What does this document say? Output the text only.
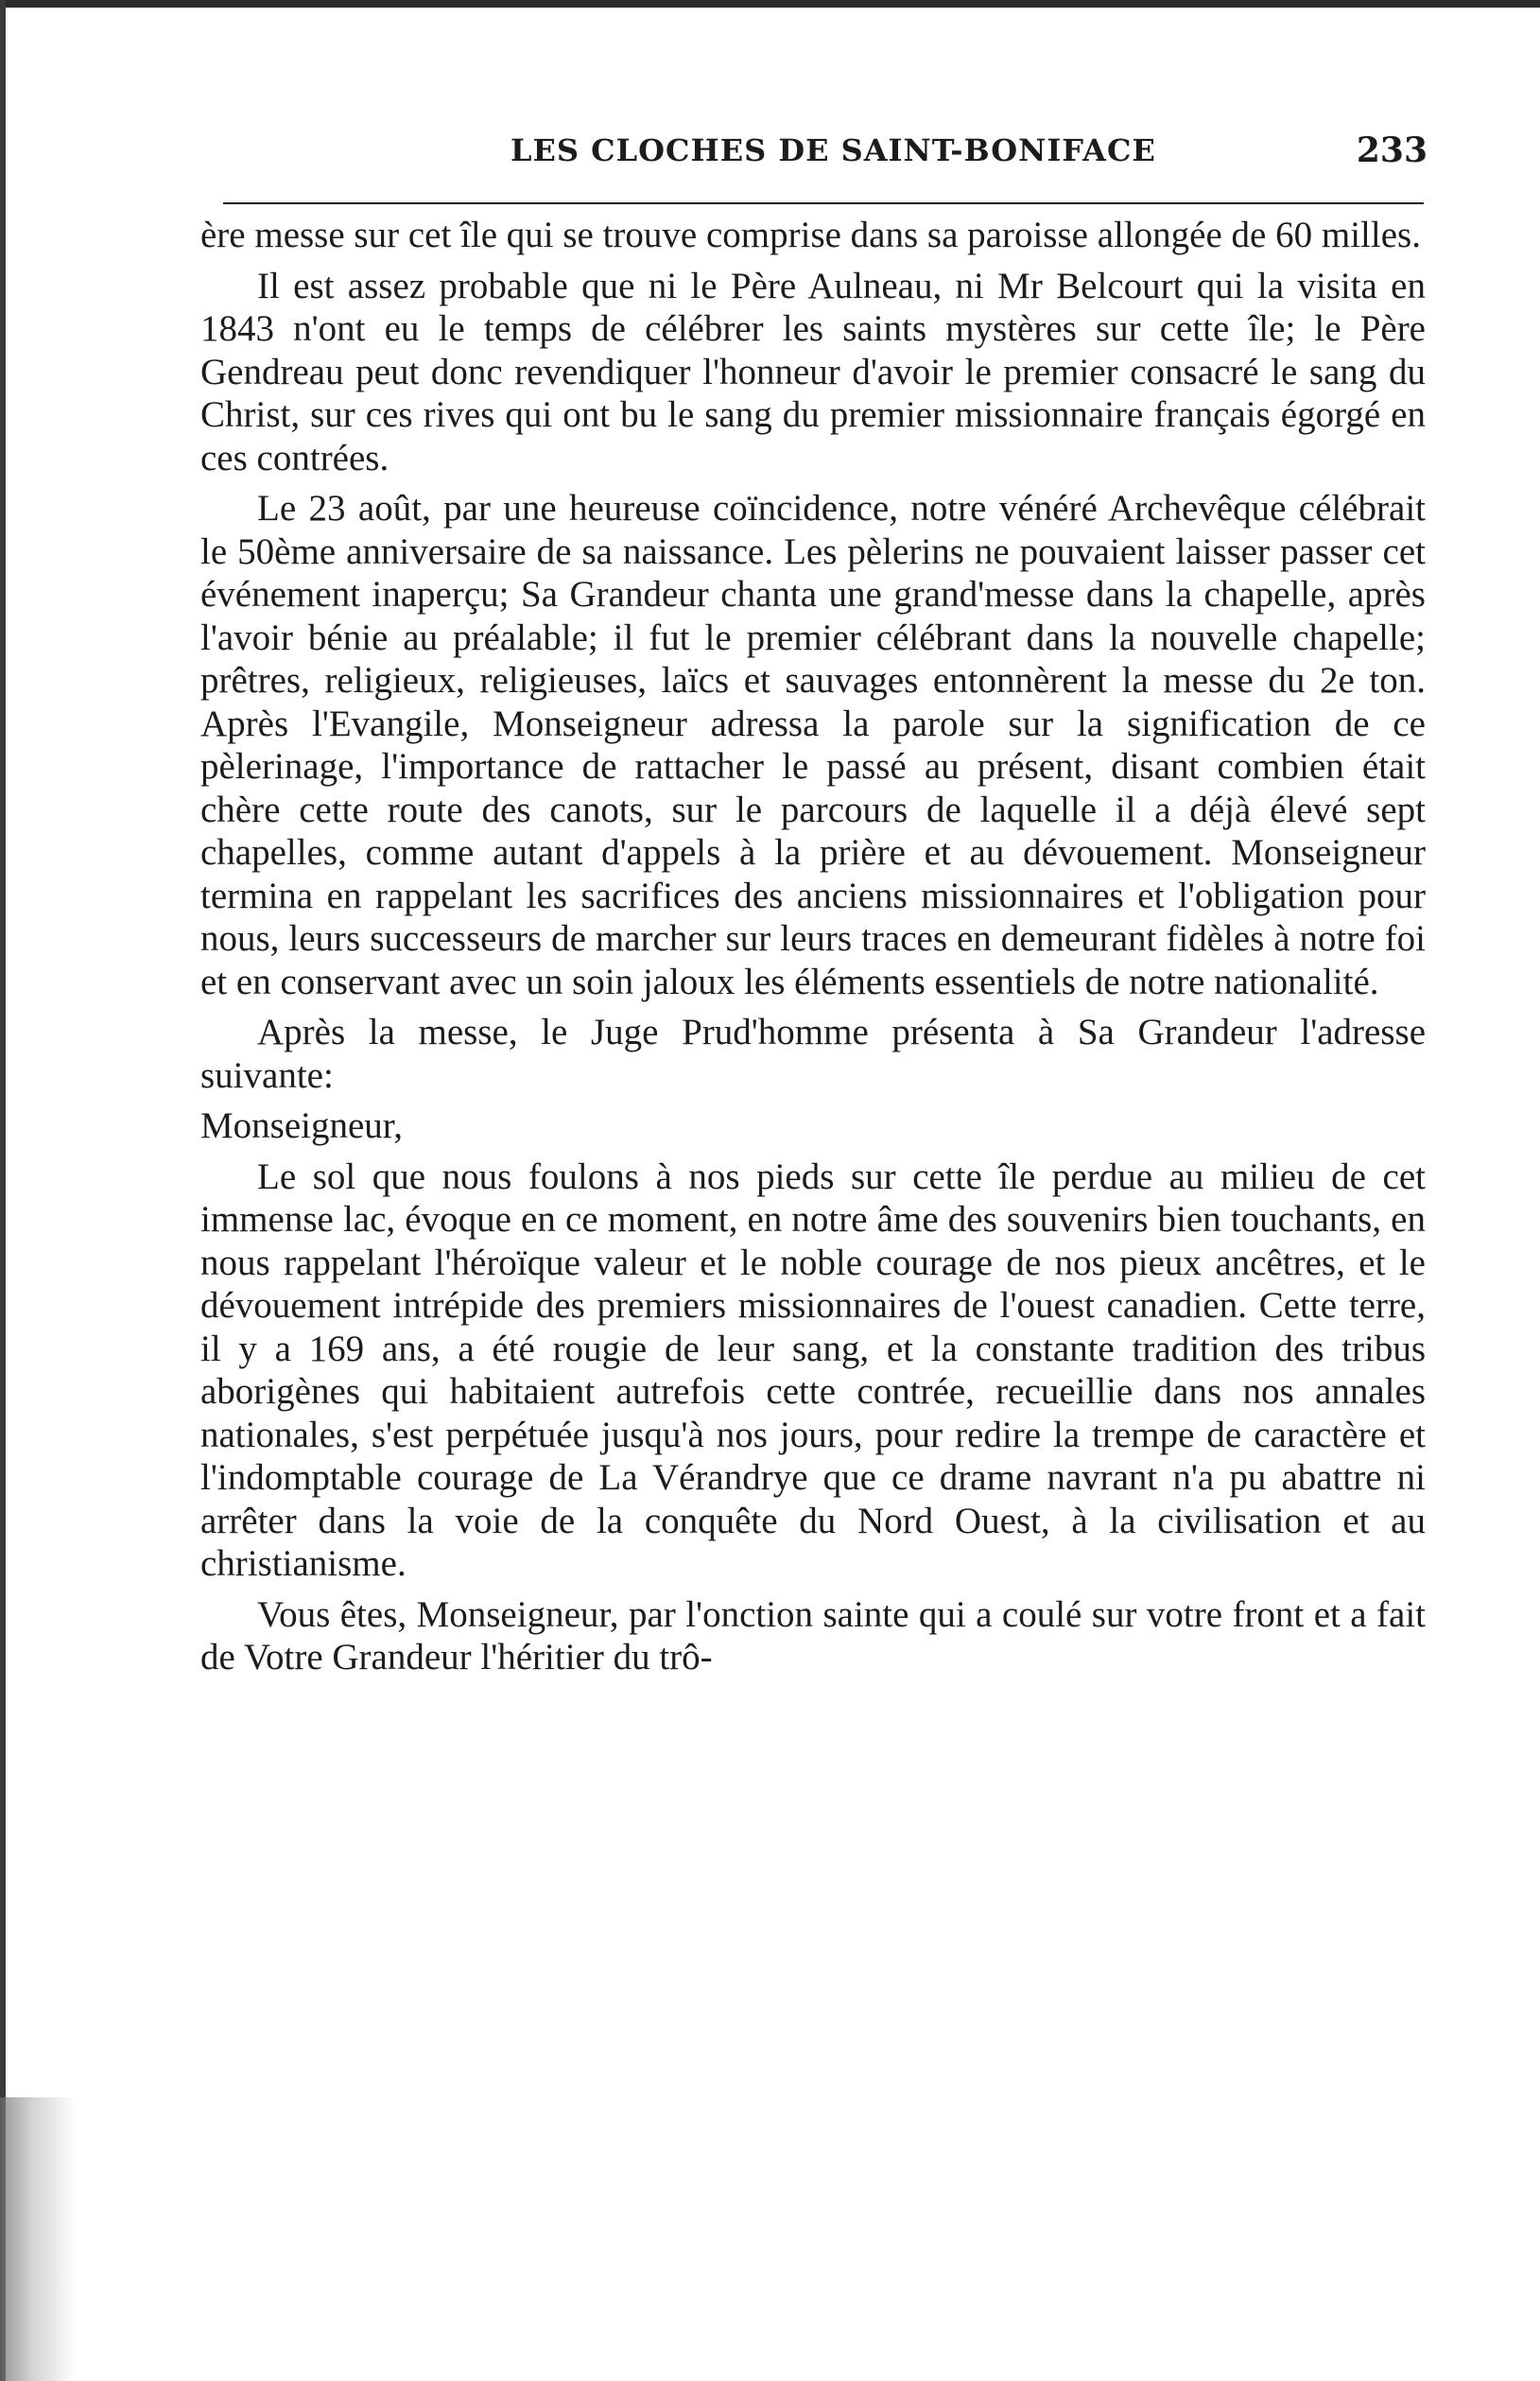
LES CLOCHES DE SAINT-BONIFACE	233

ère messe sur cet île qui se trouve comprise dans sa paroisse allongée de 60 milles.

Il est assez probable que ni le Père Aulneau, ni Mr Belcourt qui la visita en 1843 n'ont eu le temps de célébrer les saints mystères sur cette île; le Père Gendreau peut donc revendiquer l'honneur d'avoir le premier consacré le sang du Christ, sur ces rives qui ont bu le sang du premier missionnaire français égorgé en ces contrées.

Le 23 août, par une heureuse coïncidence, notre vénéré Archevêque célébrait le 50ème anniversaire de sa naissance. Les pèlerins ne pouvaient laisser passer cet événement inaperçu; Sa Grandeur chanta une grand'messe dans la chapelle, après l'avoir bénie au préalable; il fut le premier célébrant dans la nouvelle chapelle; prêtres, religieux, religieuses, laïcs et sauvages entonnèrent la messe du 2e ton. Après l'Evangile, Monseigneur adressa la parole sur la signification de ce pèlerinage, l'importance de rattacher le passé au présent, disant combien était chère cette route des canots, sur le parcours de laquelle il a déjà élevé sept chapelles, comme autant d'appels à la prière et au dévouement. Monseigneur termina en rappelant les sacrifices des anciens missionnaires et l'obligation pour nous, leurs successeurs de marcher sur leurs traces en demeurant fidèles à notre foi et en conservant avec un soin jaloux les éléments essentiels de notre nationalité.

Après la messe, le Juge Prud'homme présenta à Sa Grandeur l'adresse suivante:

Monseigneur,

Le sol que nous foulons à nos pieds sur cette île perdue au milieu de cet immense lac, évoque en ce moment, en notre âme des souvenirs bien touchants, en nous rappelant l'héroïque valeur et le noble courage de nos pieux ancêtres, et le dévouement intrépide des premiers missionnaires de l'ouest canadien. Cette terre, il y a 169 ans, a été rougie de leur sang, et la constante tradition des tribus aborigènes qui habitaient autrefois cette contrée, recueillie dans nos annales nationales, s'est perpétuée jusqu'à nos jours, pour redire la trempe de caractère et l'indomptable courage de La Vérandrye que ce drame navrant n'a pu abattre ni arrêter dans la voie de la conquête du Nord Ouest, à la civilisation et au christianisme.

Vous êtes, Monseigneur, par l'onction sainte qui a coulé sur votre front et a fait de Votre Grandeur l'héritier du trô-
